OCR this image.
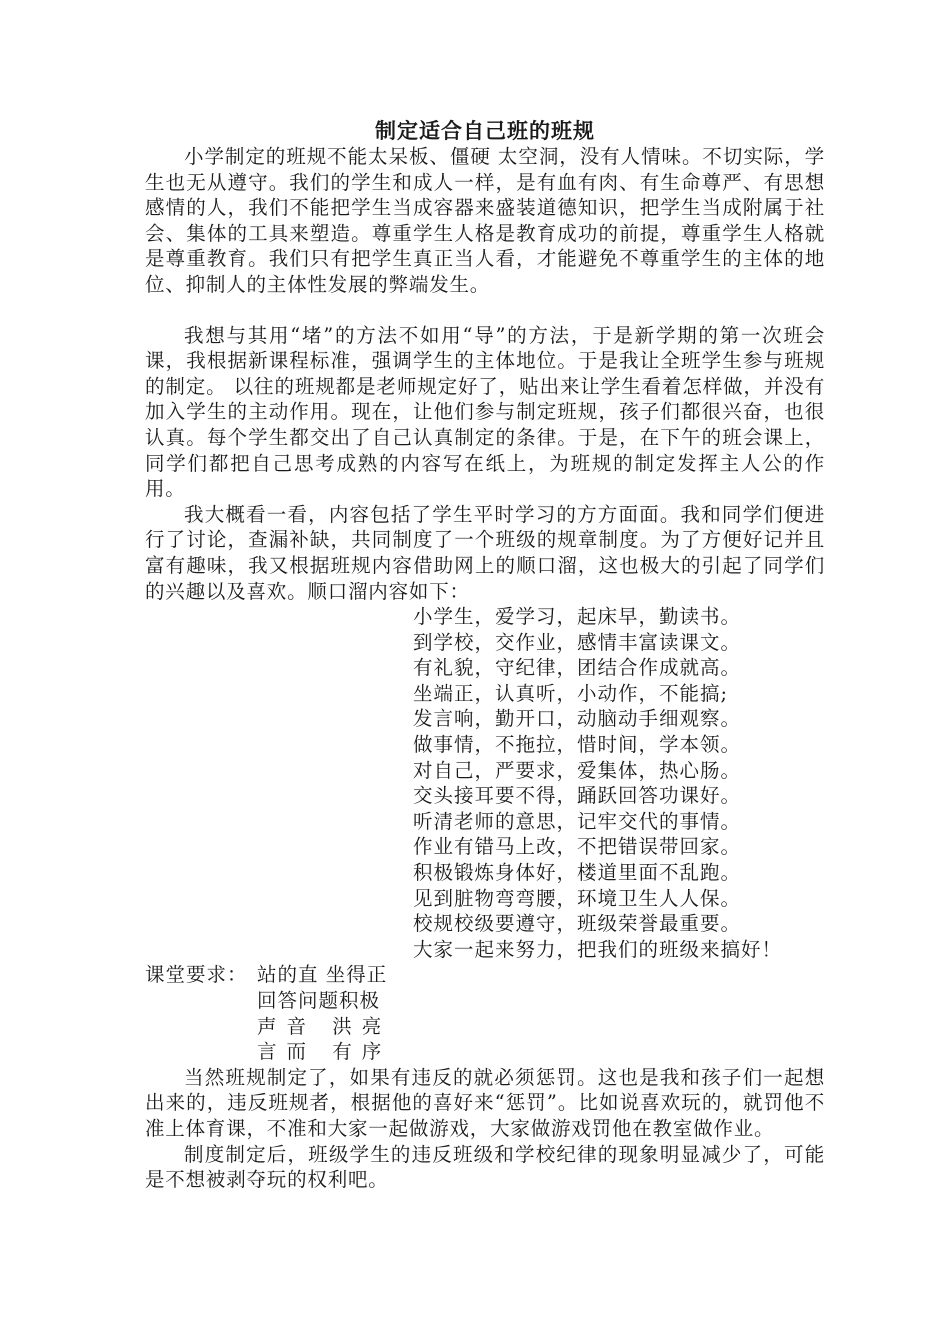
制定适合自己班的班规

小学制定的班规不能太呆板、僵硬 太空洞，没有人情味。不切实际，学生也无从遵守。我们的学生和成人一样，是有血有肉、有生命尊严、有思想感情的人，我们不能把学生当成容器来盛装道德知识，把学生当成附属于社会、集体的工具来塑造。尊重学生人格是教育成功的前提，尊重学生人格就是尊重教育。我们只有把学生真正当人看，才能避免不尊重学生的主体的地位、抑制人的主体性发展的弊端发生。

我想与其用“堵”的方法不如用“导”的方法，于是新学期的第一次班会课，我根据新课程标准，强调学生的主体地位。于是我让全班学生参与班规的制定。 以往的班规都是老师规定好了，贴出来让学生看着怎样做，并没有加入学生的主动作用。现在，让他们参与制定班规，孩子们都很兴奋，也很认真。每个学生都交出了自己认真制定的条律。于是，在下午的班会课上，同学们都把自己思考成熟的内容写在纸上，为班规的制定发挥主人公的作用。

我大概看一看，内容包括了学生平时学习的方方面面。我和同学们便进行了讨论，查漏补缺，共同制度了一个班级的规章制度。为了方便好记并且富有趣味，我又根据班规内容借助网上的顺口溜，这也极大的引起了同学们的兴趣以及喜欢。顺口溜内容如下：

小学生，爱学习，起床早，勤读书。
到学校，交作业，感情丰富读课文。
有礼貌，守纪律，团结合作成就高。
坐端正，认真听，小动作，不能搞;
发言响，勤开口，动脑动手细观察。
做事情，不拖拉，惜时间，学本领。
对自己，严要求，爱集体，热心肠。
交头接耳要不得，踊跃回答功课好。
听清老师的意思，记牢交代的事情。
作业有错马上改，不把错误带回家。
积极锻炼身体好，楼道里面不乱跑。
见到脏物弯弯腰，环境卫生人人保。
校规校级要遵守，班级荣誉最重要。
大家一起来努力，把我们的班级来搞好！
课堂要求： 站的直 坐得正
回答问题积极
声音 洪亮
言而 有序

当然班规制定了，如果有违反的就必须惩罚。这也是我和孩子们一起想出来的，违反班规者，根据他的喜好来“惩罚”。比如说喜欢玩的，就罚他不准上体育课，不准和大家一起做游戏，大家做游戏罚他在教室做作业。

制度制定后，班级学生的违反班级和学校纪律的现象明显减少了，可能是不想被剥夺玩的权利吧。
